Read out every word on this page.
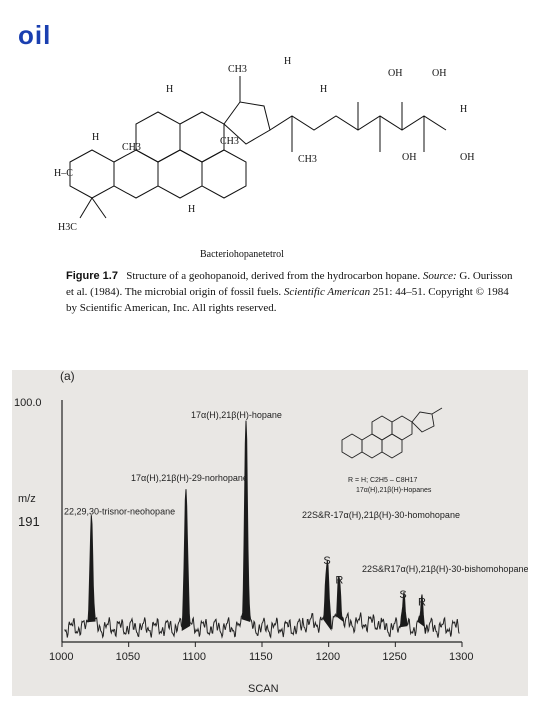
oil
OH	OH
OH	OH
CH3
CH3
CH3
CH3
H3C
H–C
H
H
H
H
H
H
Bacteriohopanetetrol
Figure 1.7 Structure of a geohopanoid, derived from the hydrocarbon hopane. Source: G. Ourisson et al. (1984). The microbial origin of fossil fuels. Scientific American 251: 44–51. Copyright © 1984 by Scientific American, Inc. All rights reserved.
(a)
100.0
m/z
191
SCAN
1000	1050	1100	1150	1200	1250	1300
22,29,30-trisnor-neohopane
17α(H),21β(H)-29-norhopane
17α(H),21β(H)-hopane
S
R
S
R
22S&R-17α(H),21β(H)-30-homohopane
22S&R17α(H),21β(H)-30-bishomohopane
R = H; C2H5 – C8H17
17α(H),21β(H)-Hopanes
